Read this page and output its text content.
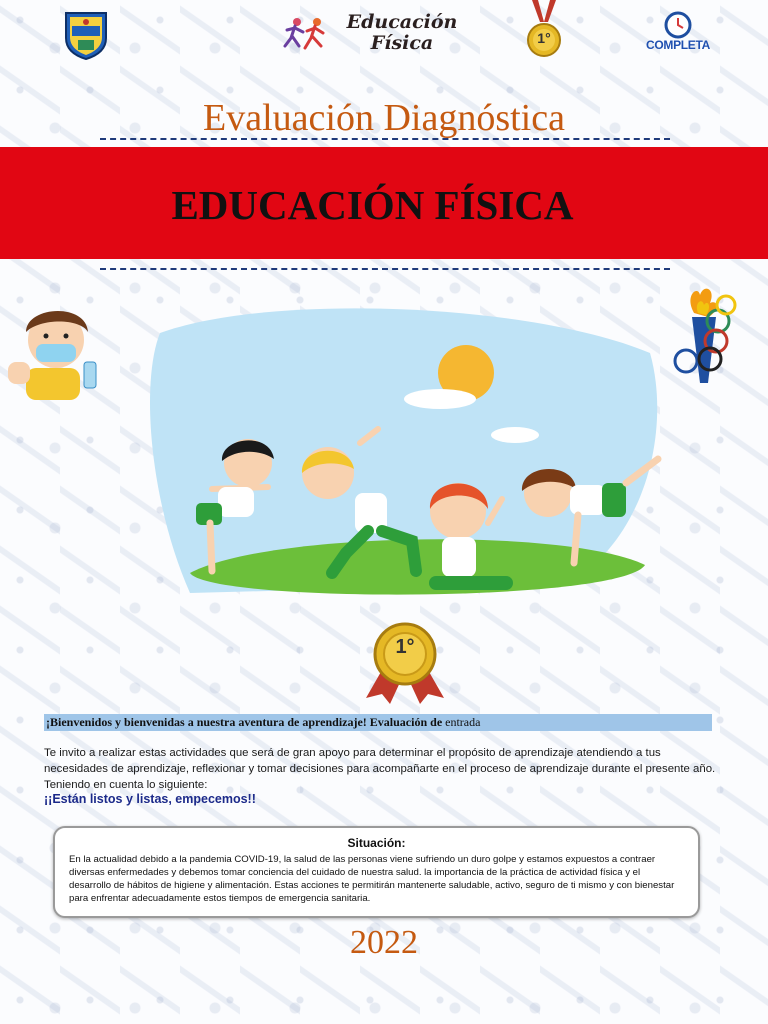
Educación
Física	1°	COMPLETA
Evaluación Diagnóstica
EDUCACIÓN FÍSICA
1°
¡Bienvenidos y bienvenidas a nuestra aventura de aprendizaje! Evaluación de entrada
Te invito a realizar estas actividades que será de gran apoyo para determinar el propósito de aprendizaje atendiendo a tus necesidades de aprendizaje, reflexionar y tomar decisiones para acompañarte en el proceso de aprendizaje durante el presente año. Teniendo en cuenta lo siguiente:
¡¡Están listos y listas, empecemos!!
Situación:
En la actualidad debido a la pandemia COVID-19, la salud de las personas viene sufriendo un duro golpe y estamos expuestos a contraer diversas enfermedades y debemos tomar conciencia del cuidado de nuestra salud. la importancia de la práctica de actividad física y el desarrollo de hábitos de higiene y alimentación. Estas acciones te permitirán mantenerte saludable, activo, seguro de ti mismo y con bienestar para enfrentar adecuadamente estos tiempos de emergencia sanitaria.
2022
